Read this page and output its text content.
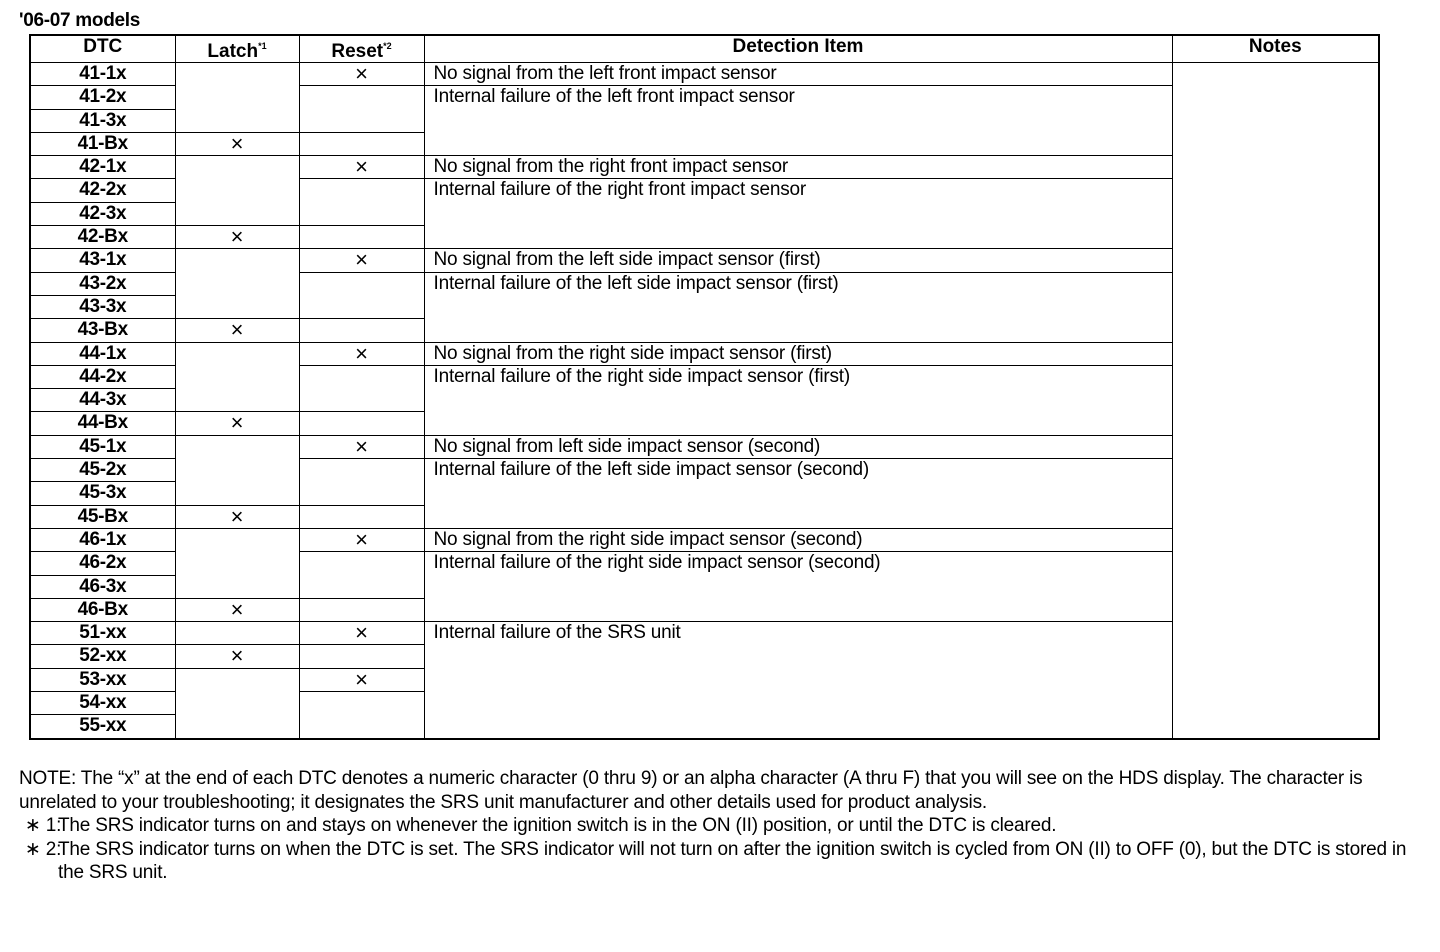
'06-07 models
DTC	Latch$^{*1}$	Reset$^{*2}$	Detection Item	Notes
41-1x		×	No signal from the left front impact sensor	
41-2x			Internal failure of the left front impact sensor	
41-3x				
41-Bx	×			
42-1x		×	No signal from the right front impact sensor	
42-2x			Internal failure of the right front impact sensor	
42-3x				
42-Bx	×			
43-1x		×	No signal from the left side impact sensor (first)	
43-2x			Internal failure of the left side impact sensor (first)	
43-3x				
43-Bx	×			
44-1x		×	No signal from the right side impact sensor (first)	
44-2x			Internal failure of the right side impact sensor (first)	
44-3x				
44-Bx	×			
45-1x		×	No signal from left side impact sensor (second)	
45-2x			Internal failure of the left side impact sensor (second)	
45-3x				
45-Bx	×			
46-1x		×	No signal from the right side impact sensor (second)	
46-2x			Internal failure of the right side impact sensor (second)	
46-3x				
46-Bx	×			
51-xx		×	Internal failure of the SRS unit	
52-xx	×			
53-xx		×		
54-xx				
55-xx				

NOTE: The “x” at the end of each DTC denotes a numeric character (0 thru 9) or an alpha character (A thru F) that you will see on the HDS display. The character is unrelated to your troubleshooting; it designates the SRS unit manufacturer and other details used for product analysis.

∗ 1:
The SRS indicator turns on and stays on whenever the ignition switch is in the ON (II) position, or until the DTC is cleared.
∗ 2:
The SRS indicator turns on when the DTC is set. The SRS indicator will not turn on after the ignition switch is cycled from ON (II) to OFF (0), but the DTC is stored in the SRS unit.
